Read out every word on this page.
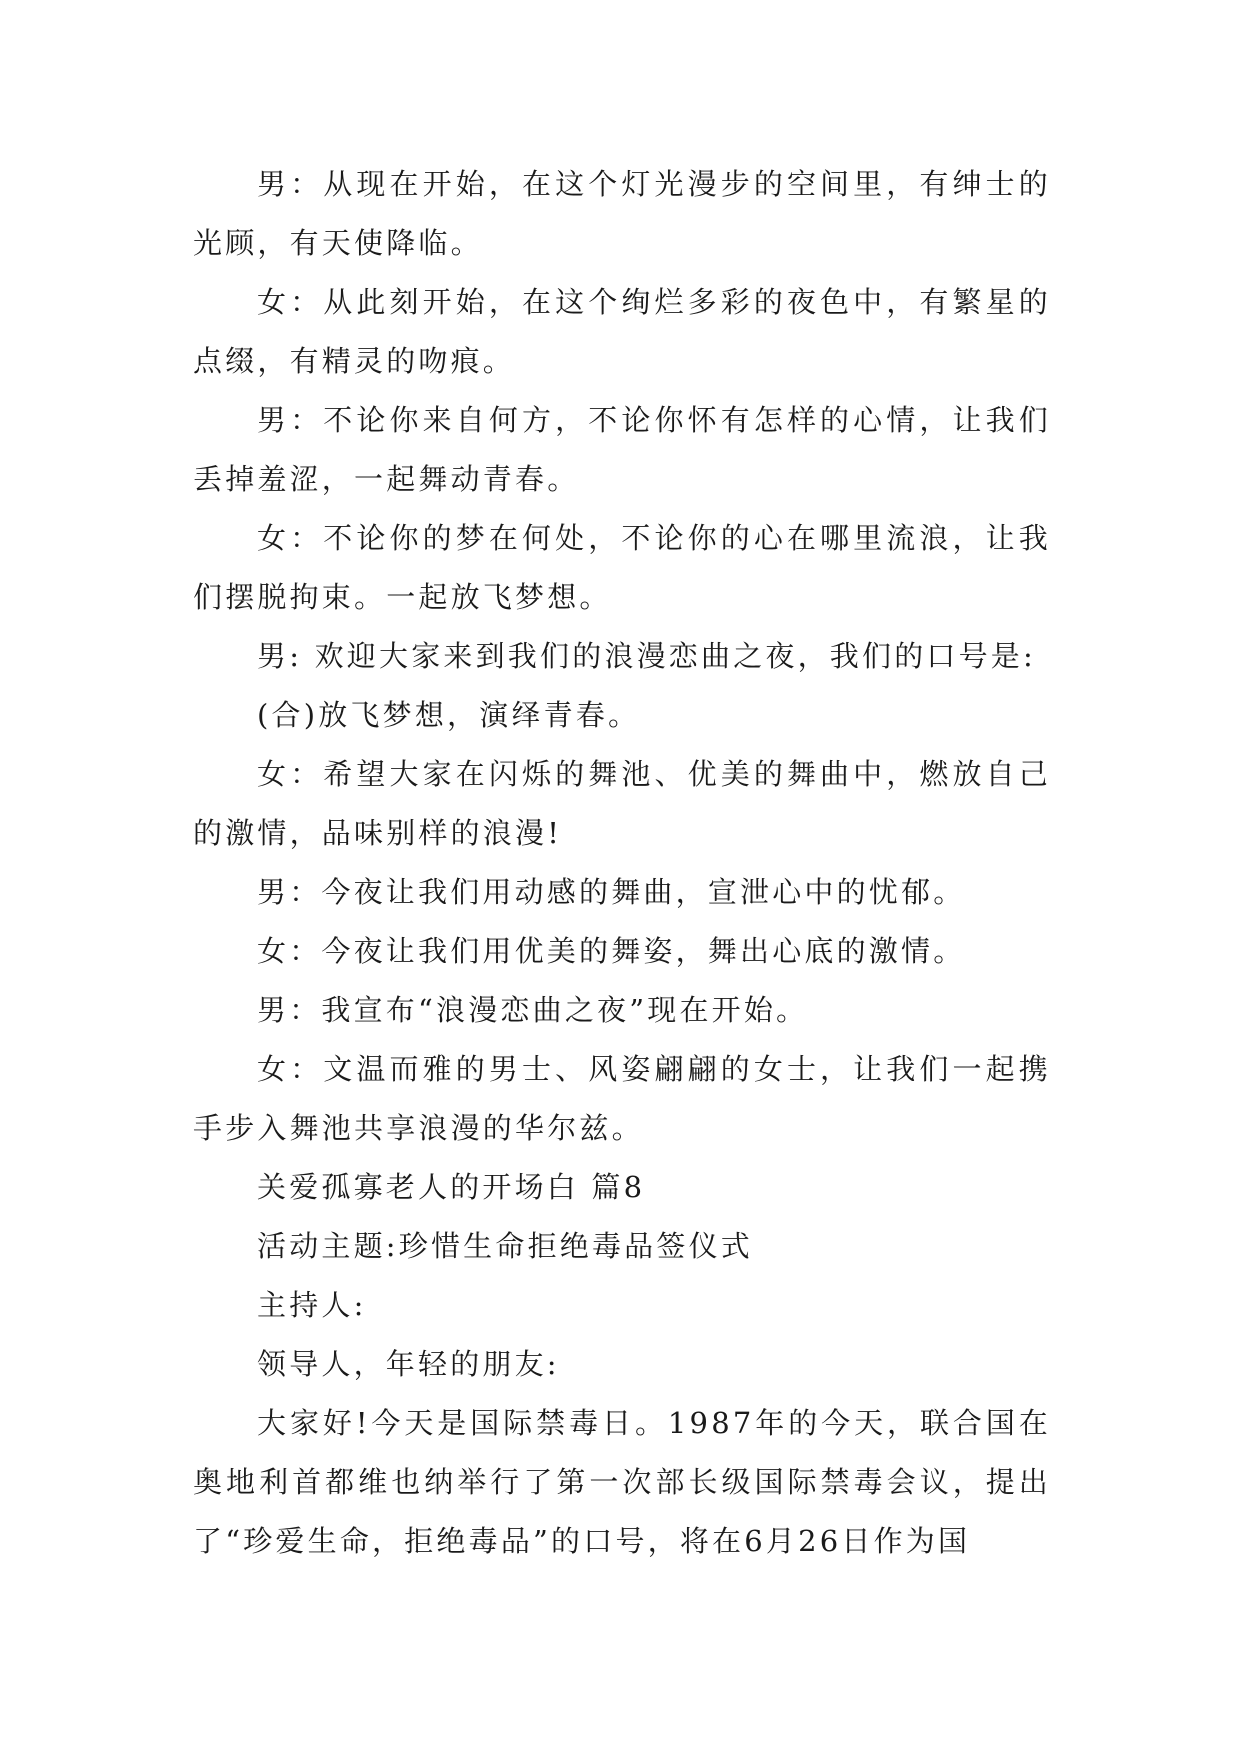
男：从现在开始，在这个灯光漫步的空间里，有绅士的光顾，有天使降临。

女：从此刻开始，在这个绚烂多彩的夜色中，有繁星的点缀，有精灵的吻痕。

男：不论你来自何方，不论你怀有怎样的心情，让我们丢掉羞涩，一起舞动青春。

女：不论你的梦在何处，不论你的心在哪里流浪，让我们摆脱拘束。一起放飞梦想。

男: 欢迎大家来到我们的浪漫恋曲之夜，我们的口号是:

(合)放飞梦想，演绎青春。

女：希望大家在闪烁的舞池、优美的舞曲中，燃放自己的激情，品味别样的浪漫!

男：今夜让我们用动感的舞曲，宣泄心中的忧郁。

女：今夜让我们用优美的舞姿，舞出心底的激情。

男：我宣布“浪漫恋曲之夜”现在开始。

女：文温而雅的男士、风姿翩翩的女士，让我们一起携手步入舞池共享浪漫的华尔兹。

关爱孤寡老人的开场白 篇8

活动主题:珍惜生命拒绝毒品签仪式

主持人:

领导人，年轻的朋友:

大家好!今天是国际禁毒日。1987年的今天，联合国在奥地利首都维也纳举行了第一次部长级国际禁毒会议，提出了“珍爱生命，拒绝毒品”的口号，将在6月26日作为国
